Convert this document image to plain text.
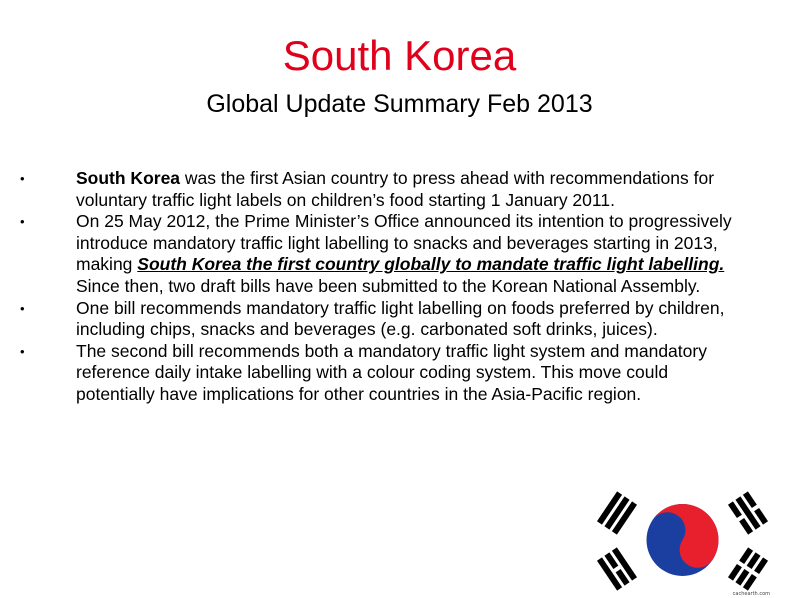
South Korea
Global Update Summary Feb 2013
•	South Korea was the first Asian country to press ahead with recommendations for voluntary traffic light labels on children’s food starting 1 January 2011.
•	On 25 May 2012, the Prime Minister’s Office announced its intention to progressively introduce mandatory traffic light labelling to snacks and beverages starting in 2013, making South Korea the first country globally to mandate traffic light labelling. Since then, two draft bills have been submitted to the Korean National Assembly.
•	One bill recommends mandatory traffic light labelling on foods preferred by children, including chips, snacks and beverages (e.g. carbonated soft drinks, juices).
•	The second bill recommends both a mandatory traffic light system and mandatory reference daily intake labelling with a colour coding system. This move could potentially have implications for other countries in the Asia-Pacific region.
cachearth.com
